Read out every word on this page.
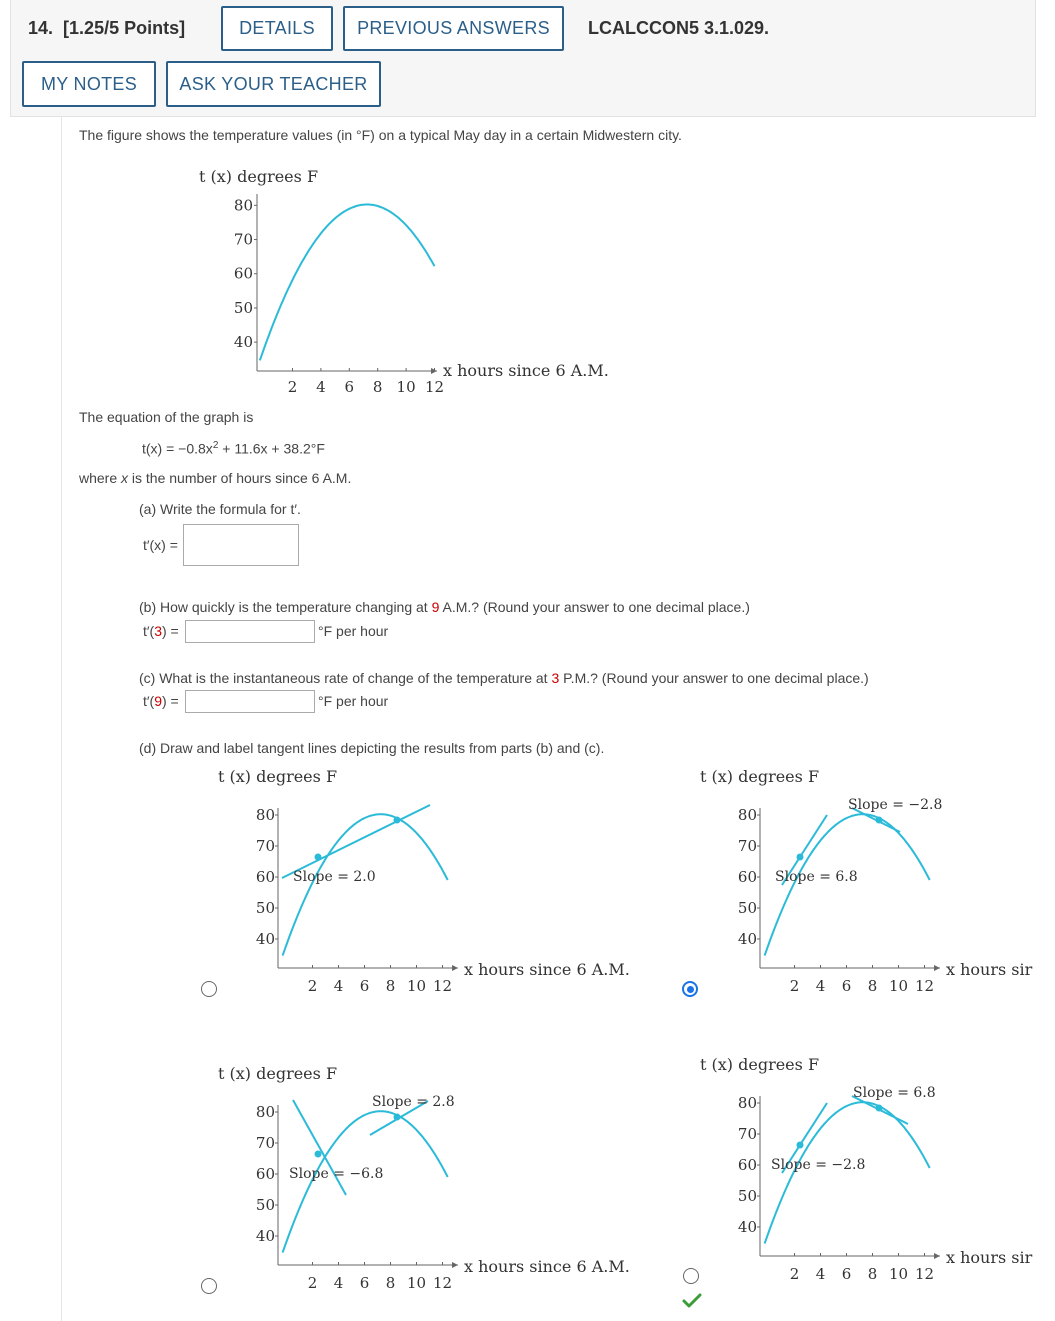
14. [1.25/5 Points]	DETAILS	PREVIOUS ANSWERS	LCALCCON5 3.1.029.
MY NOTES	ASK YOUR TEACHER
The figure shows the temperature values (in °F) on a typical May day in a certain Midwestern city.
t (x) degrees F
40
50
60
70
80
2 4 6 8 10 12
x hours since 6 A.M.
The equation of the graph is
$t(x) = -0.8x^2 + 11.6x + 38.2^\circ F$
where x is the number of hours since 6 A.M.
(a) Write the formula for t′.
t′(x) =
(b) How quickly is the temperature changing at 9 A.M.? (Round your answer to one decimal place.)
t′(3) =	°F per hour
(c) What is the instantaneous rate of change of the temperature at 3 P.M.? (Round your answer to one decimal place.)
t′(9) =	°F per hour
(d) Draw and label tangent lines depicting the results from parts (b) and (c).
t (x) degrees F
40
50
60
70
80
2 4 6 8 10 12
Slope = 2.0
x hours since 6 A.M.
t (x) degrees F
40
50
60
70
80
2 4 6 8 10 12
Slope = −2.8
Slope = 6.8
x hours sir
t (x) degrees F
40
50
60
70
80
2 4 6 8 10 12
Slope = 2.8
Slope = −6.8
x hours since 6 A.M.
t (x) degrees F
40
50
60
70
80
2 4 6 8 10 12
Slope = 6.8
Slope = −2.8
x hours sir
